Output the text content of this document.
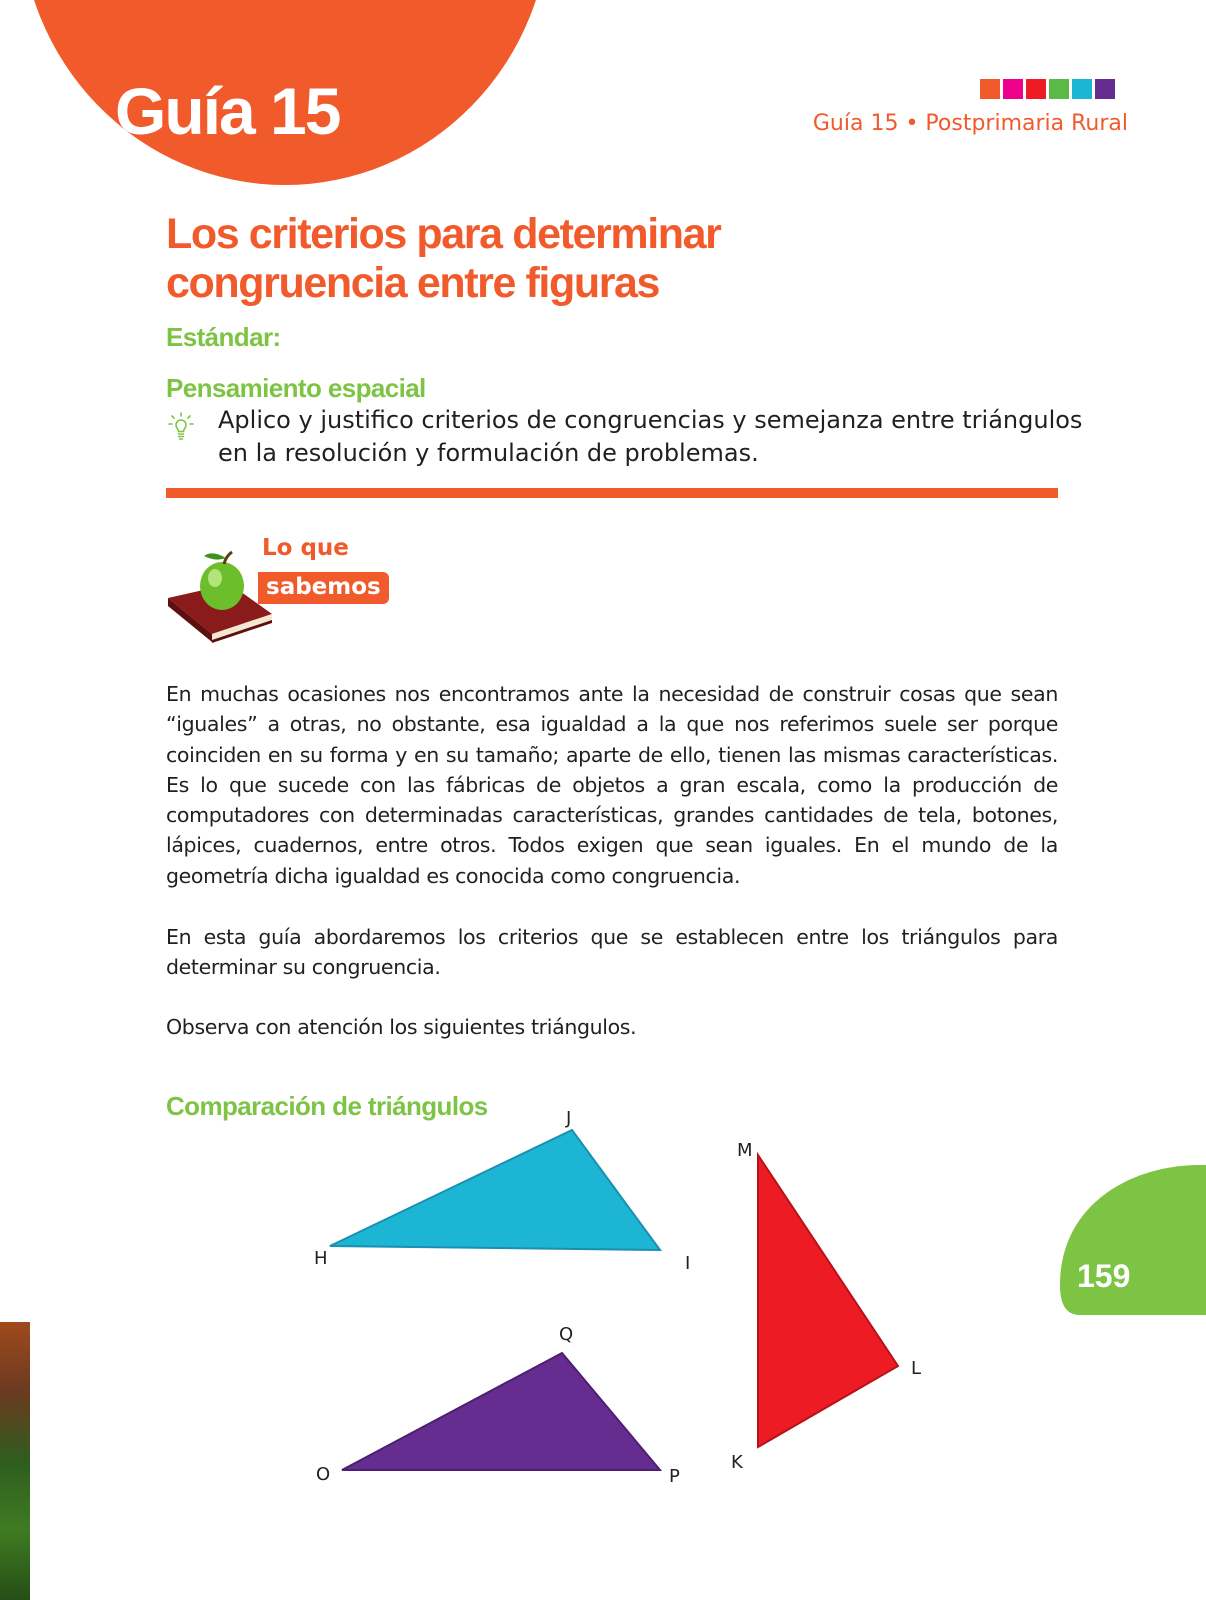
Guía 15	Guía 15 • Postprimaria Rural
Los criterios para determinar congruencia entre figuras
Estándar:
Pensamiento espacial

Aplico y justifico criterios de congruencias y semejanza entre triángulos en la resolución y formulación de problemas.

Lo que
sabemos

En muchas ocasiones nos encontramos ante la necesidad de construir cosas que sean “iguales” a otras, no obstante, esa igualdad a la que nos referimos suele ser porque coinciden en su forma y en su tamaño; aparte de ello, tienen las mismas características. Es lo que sucede con las fábricas de objetos a gran escala, como la producción de computadores con determinadas características, grandes cantidades de tela, botones, lápices, cuadernos, entre otros. Todos exigen que sean iguales. En el mundo de la geometría dicha igualdad es conocida como congruencia.

En esta guía abordaremos los criterios que se establecen entre los triángulos para determinar su congruencia.

Observa con atención los siguientes triángulos.

Comparación de triángulos
H	I
J
O	P
Q
K
L
M
159
